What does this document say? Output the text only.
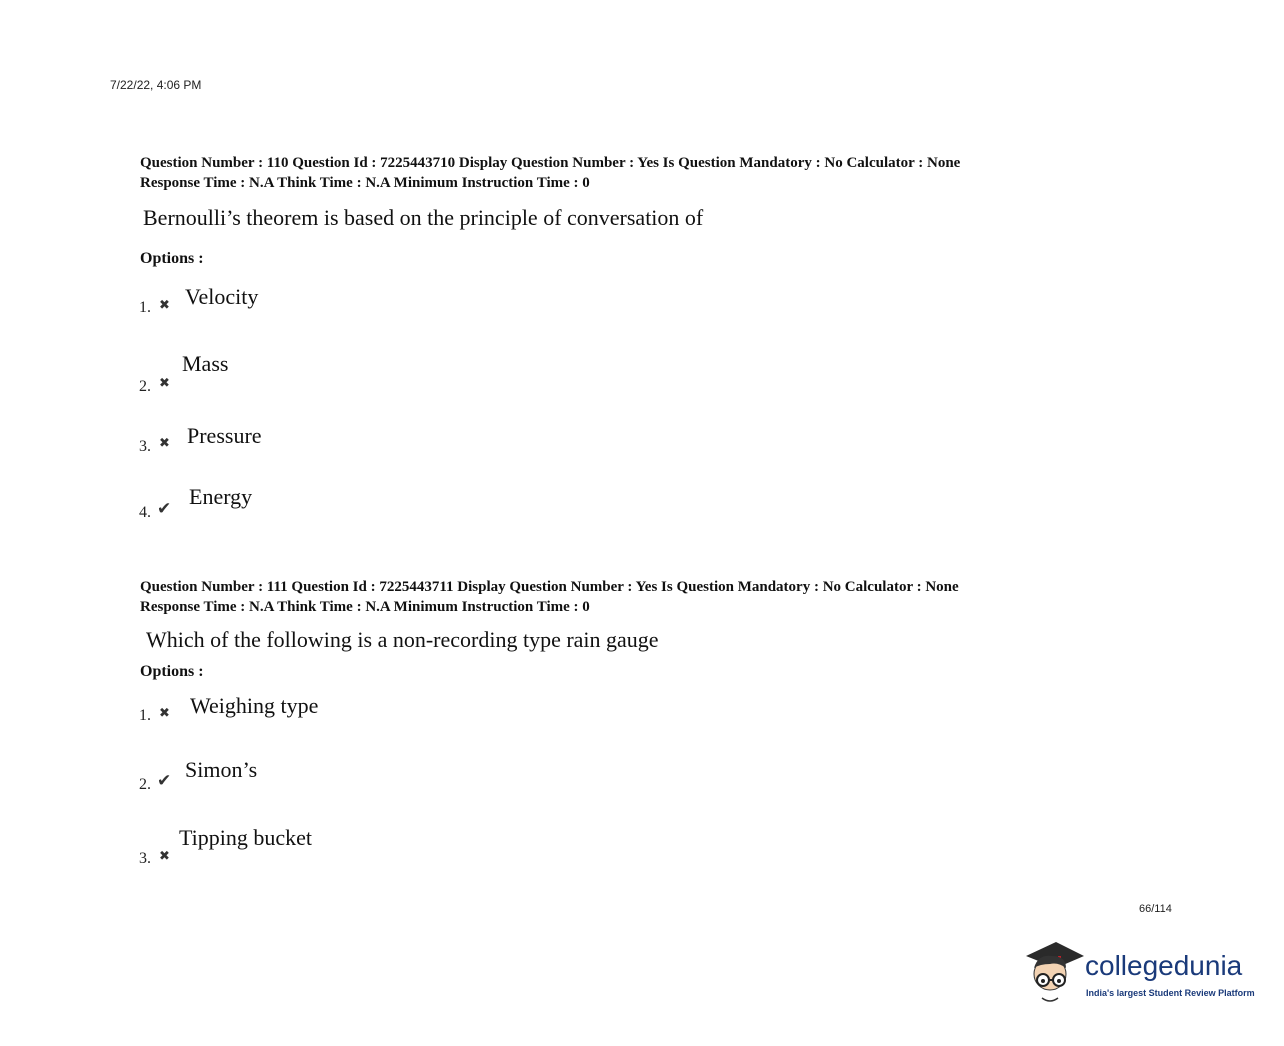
7/22/22, 4:06 PM
Question Number : 110 Question Id : 7225443710 Display Question Number : Yes Is Question Mandatory : No Calculator : None
Response Time : N.A Think Time : N.A Minimum Instruction Time : 0
Bernoulli’s theorem is based on the principle of conversation of
Options :
1. ✖ Velocity
2. ✖
Mass
3. ✖ Pressure
4. ✔ Energy
Question Number : 111 Question Id : 7225443711 Display Question Number : Yes Is Question Mandatory : No Calculator : None
Response Time : N.A Think Time : N.A Minimum Instruction Time : 0
Which of the following is a non-recording type rain gauge
Options :
1. ✖ Weighing type
2. ✔ Simon’s
3. ✖
Tipping bucket
66/114
collegedunia
India's largest Student Review Platform
